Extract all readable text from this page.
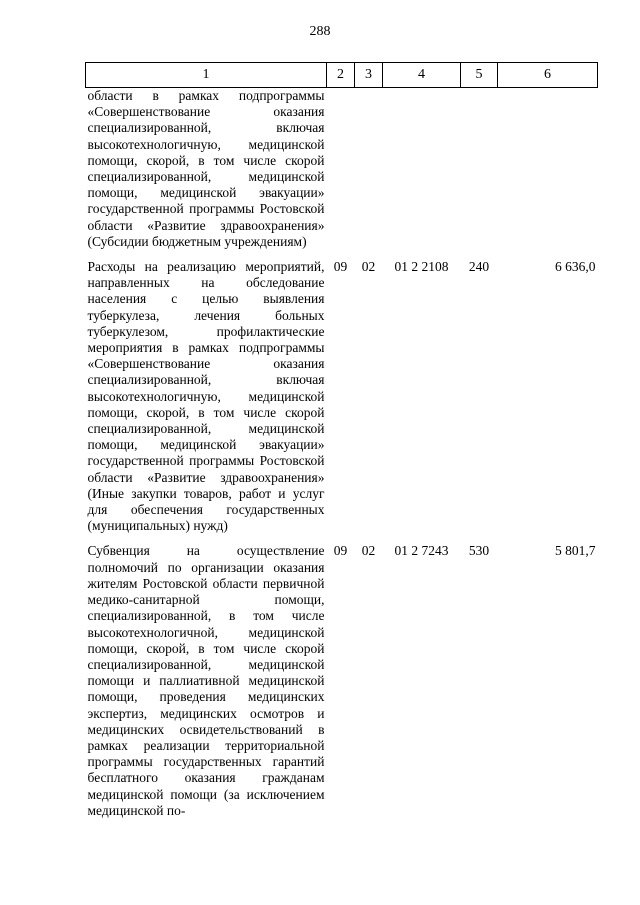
288
1	2	3	4	5	6
области в рамках подпрограммы «Совершенствование оказания специализированной, включая высокотехнологичную, медицинской помощи, скорой, в том числе скорой специализированной, медицинской помощи, медицинской эвакуации» государственной программы Ростовской области «Развитие здравоохранения» (Субсидии бюджетным учреждениям)					
Расходы на реализацию мероприятий, направленных на обследование населения с целью выявления туберкулеза, лечения больных туберкулезом, профилактические мероприятия в рамках подпрограммы «Совершенствование оказания специализированной, включая высокотехнологичную, медицинской помощи, скорой, в том числе скорой специализированной, медицинской помощи, медицинской эвакуации» государственной программы Ростовской области «Развитие здравоохранения» (Иные закупки товаров, работ и услуг для обеспечения государственных (муниципальных) нужд)	09	02	01 2 2108	240	6 636,0
Субвенция на осуществление полномочий по организации оказания жителям Ростовской области первичной медико-санитарной помощи, специализированной, в том числе высокотехнологичной, медицинской помощи, скорой, в том числе скорой специализированной, медицинской помощи и паллиативной медицинской помощи, проведения медицинских экспертиз, медицинских осмотров и медицинских освидетельствований в рамках реализации территориальной программы государственных гарантий бесплатного оказания гражданам медицинской помощи (за исключением медицинской по-	09	02	01 2 7243	530	5 801,7
